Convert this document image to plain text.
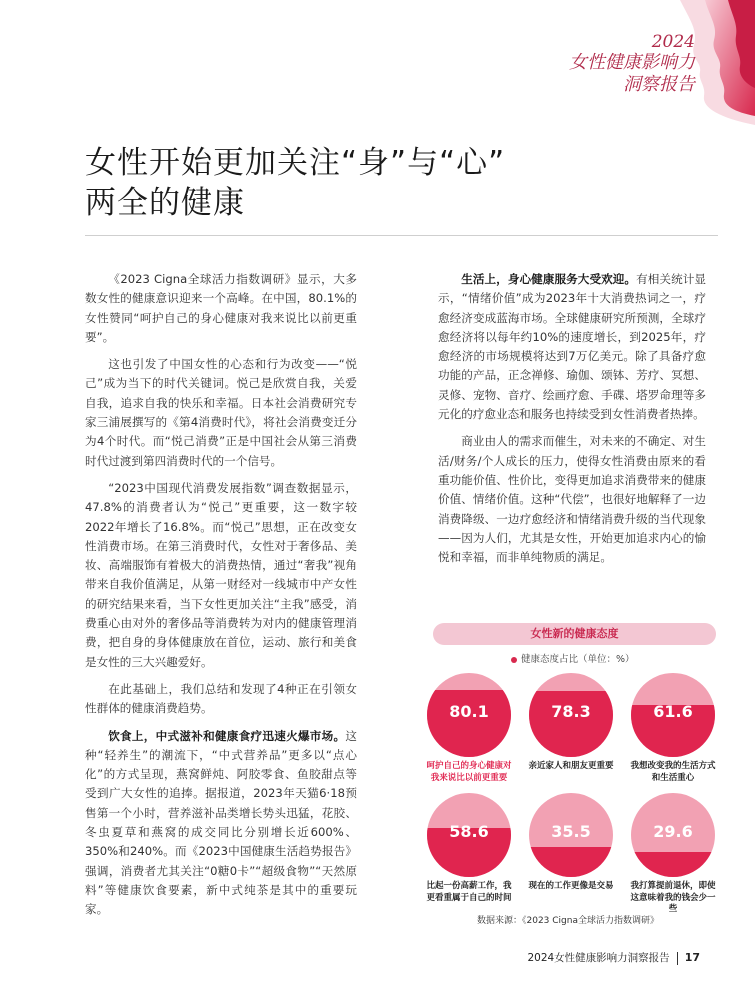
2024
女性健康影响力
洞察报告
女性开始更加关注“身”与“心”
两全的健康

《2023 Cigna全球活力指数调研》显示，大多数女性的健康意识迎来一个高峰。在中国，80.1%的女性赞同“呵护自己的身心健康对我来说比以前更重要”。

这也引发了中国女性的心态和行为改变——“悦己”成为当下的时代关键词。悦己是欣赏自我，关爱自我，追求自我的快乐和幸福。日本社会消费研究专家三浦展撰写的《第4消费时代》，将社会消费变迁分为4个时代。而“悦己消费”正是中国社会从第三消费时代过渡到第四消费时代的一个信号。

“2023中国现代消费发展指数”调查数据显示，47.8%的消费者认为“悦己”更重要，这一数字较2022年增长了16.8%。而“悦己”思想，正在改变女性消费市场。在第三消费时代，女性对于奢侈品、美妆、高端服饰有着极大的消费热情，通过“奢我”视角带来自我价值满足，从第一财经对一线城市中产女性的研究结果来看，当下女性更加关注“主我”感受，消费重心由对外的奢侈品等消费转为对内的健康管理消费，把自身的身体健康放在首位，运动、旅行和美食是女性的三大兴趣爱好。

在此基础上，我们总结和发现了4种正在引领女性群体的健康消费趋势。

饮食上，中式滋补和健康食疗迅速火爆市场。这种“轻养生”的潮流下，“中式营养品”更多以“点心化”的方式呈现，燕窝鲜炖、阿胶零食、鱼胶甜点等受到广大女性的追捧。据报道，2023年天猫6·18预售第一个小时，营养滋补品类增长势头迅猛，花胶、冬虫夏草和燕窝的成交同比分别增长近600%、350%和240%。而《2023中国健康生活趋势报告》强调，消费者尤其关注“0糖0卡”“超级食物”“天然原料”等健康饮食要素，新中式纯茶是其中的重要玩家。

生活上，身心健康服务大受欢迎。有相关统计显示，“情绪价值”成为2023年十大消费热词之一，疗愈经济变成蓝海市场。全球健康研究所预测，全球疗愈经济将以每年约10%的速度增长，到2025年，疗愈经济的市场规模将达到7万亿美元。除了具备疗愈功能的产品，正念禅修、瑜伽、颂钵、芳疗、冥想、灵修、宠物、音疗、绘画疗愈、手碟、塔罗命理等多元化的疗愈业态和服务也持续受到女性消费者热捧。

商业由人的需求而催生，对未来的不确定、对生活/财务/个人成长的压力，使得女性消费由原来的看重功能价值、性价比，变得更加追求消费带来的健康价值、情绪价值。这种“代偿”，也很好地解释了一边消费降级、一边疗愈经济和情绪消费升级的当代现象——因为人们，尤其是女性，开始更加追求内心的愉悦和幸福，而非单纯物质的满足。

女性新的健康态度
健康态度占比（单位：%）
80.1
呵护自己的身心健康对我来说比以前更重要
78.3
亲近家人和朋友更重要
61.6
我想改变我的生活方式和生活重心
58.6
比起一份高薪工作，我更看重属于自己的时间
35.5
现在的工作更像是交易
29.6
我打算提前退休，即使这意味着我的钱会少一些
数据来源：《2023 Cigna全球活力指数调研》
2024女性健康影响力洞察报告 17
